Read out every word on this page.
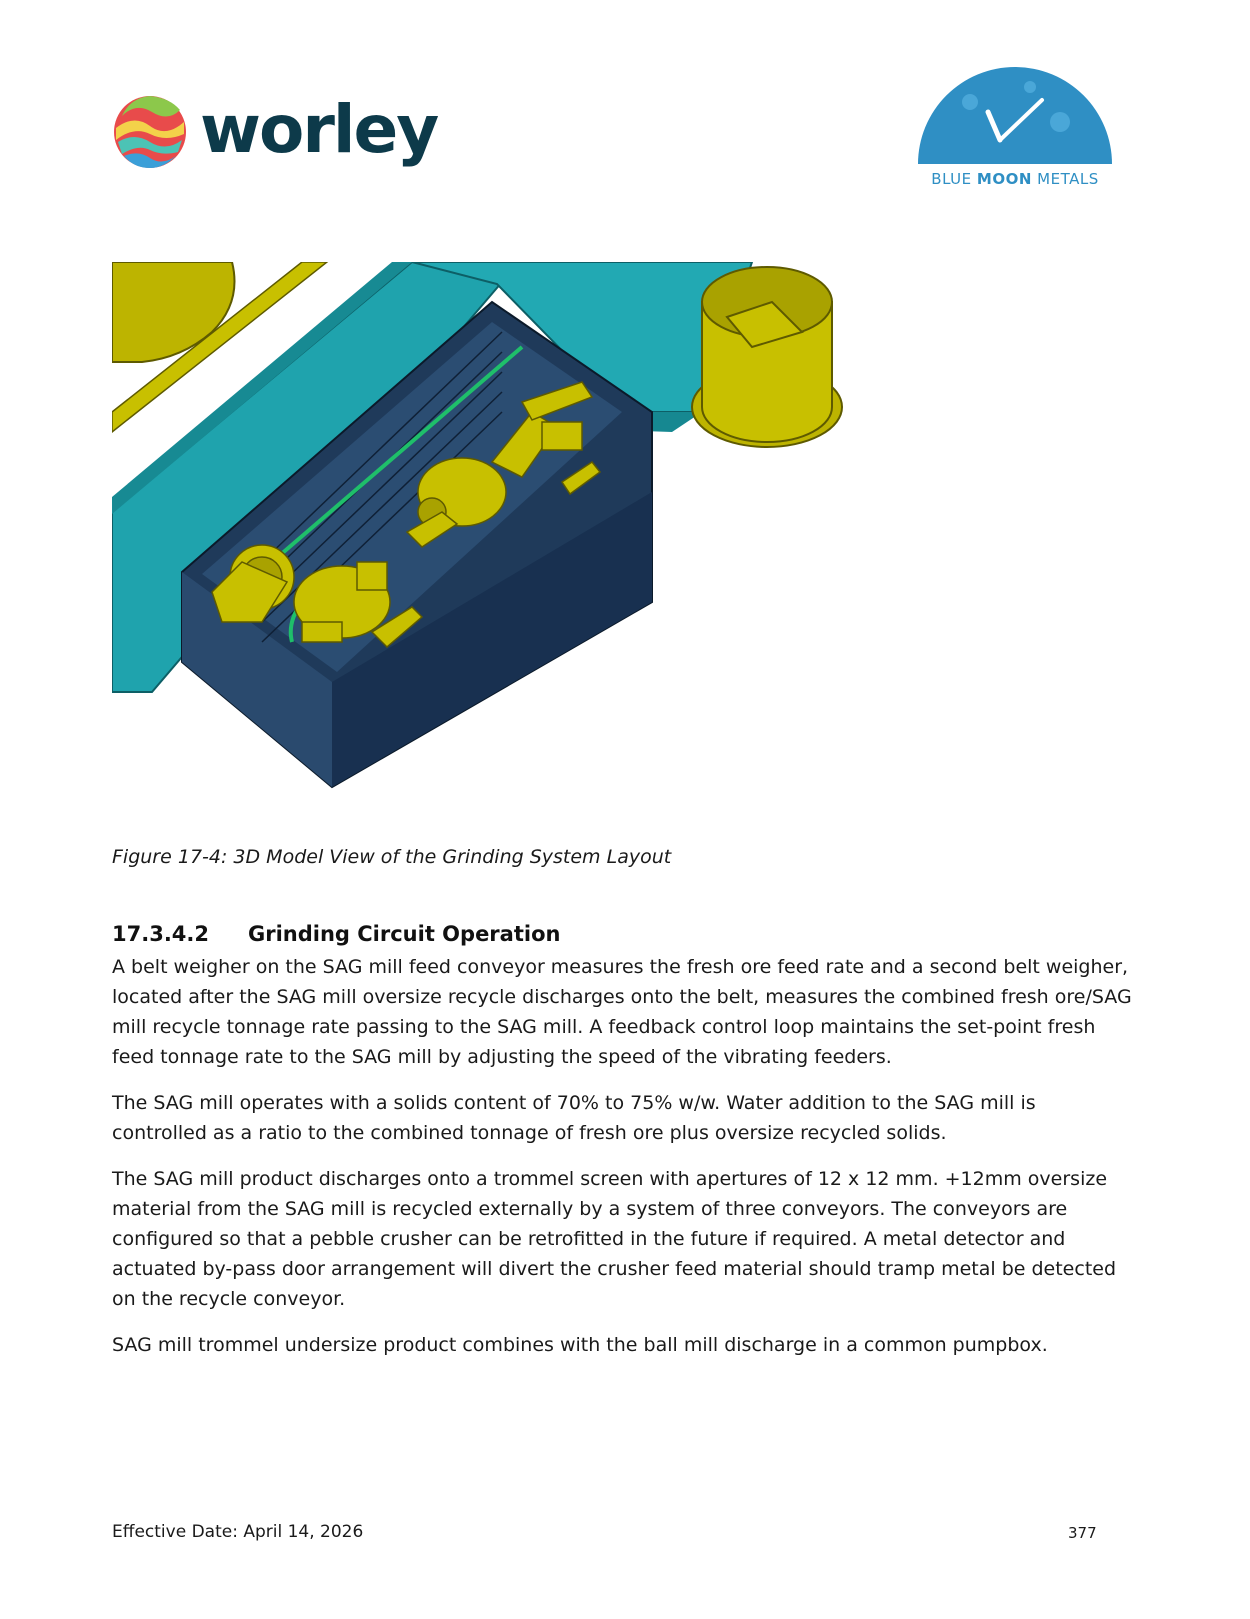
worley
BLUE MOON METALS
Figure 17-4: 3D Model View of the Grinding System Layout
17.3.4.2 Grinding Circuit Operation

A belt weigher on the SAG mill feed conveyor measures the fresh ore feed rate and a second belt weigher, located after the SAG mill oversize recycle discharges onto the belt, measures the combined fresh ore/SAG mill recycle tonnage rate passing to the SAG mill. A feedback control loop maintains the set-point fresh feed tonnage rate to the SAG mill by adjusting the speed of the vibrating feeders.

The SAG mill operates with a solids content of 70% to 75% w/w. Water addition to the SAG mill is controlled as a ratio to the combined tonnage of fresh ore plus oversize recycled solids.

The SAG mill product discharges onto a trommel screen with apertures of 12 x 12 mm. +12mm oversize material from the SAG mill is recycled externally by a system of three conveyors. The conveyors are configured so that a pebble crusher can be retrofitted in the future if required. A metal detector and actuated by-pass door arrangement will divert the crusher feed material should tramp metal be detected on the recycle conveyor.

SAG mill trommel undersize product combines with the ball mill discharge in a common pumpbox.

Effective Date: April 14, 2026	377
